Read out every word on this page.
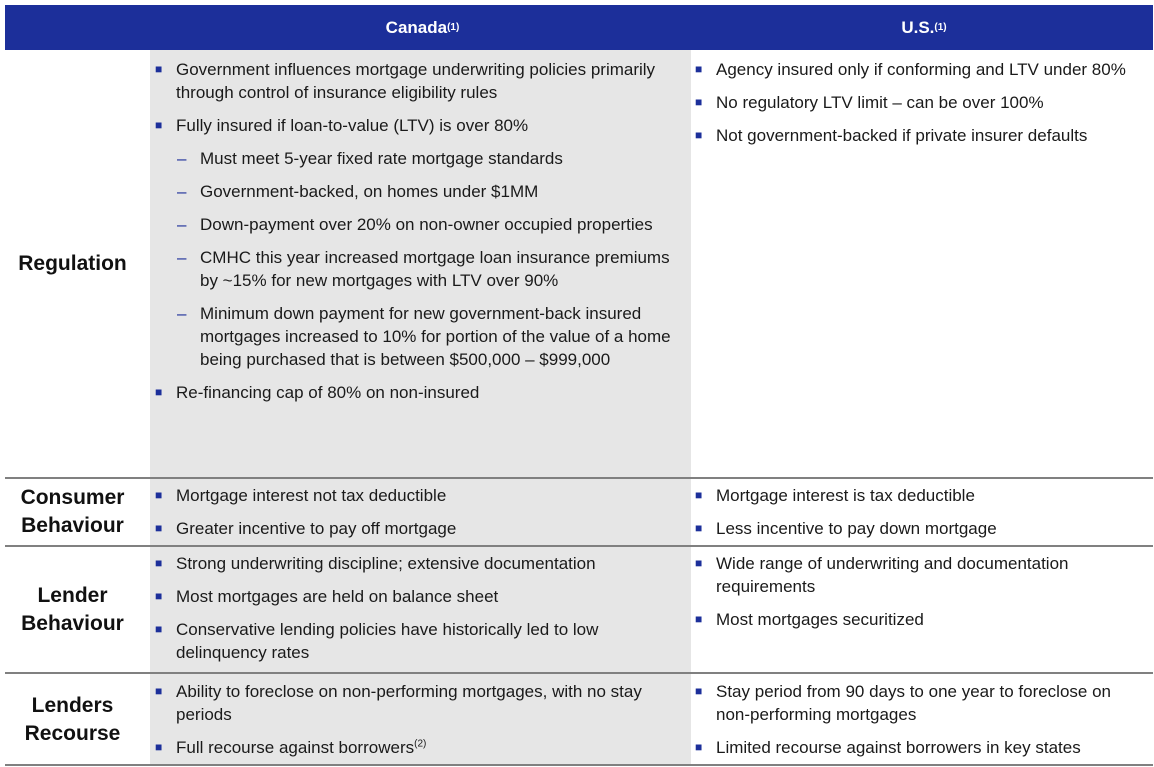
Canada (1)	U.S. (1)
Regulation
■ Government influences mortgage underwriting policies primarily through control of insurance eligibility rules
■ Fully insured if loan-to-value (LTV) is over 80%
– Must meet 5-year fixed rate mortgage standards
– Government-backed, on homes under $1MM
– Down-payment over 20% on non-owner occupied properties
– CMHC this year increased mortgage loan insurance premiums by ~15% for new mortgages with LTV over 90%
– Minimum down payment for new government-back insured mortgages increased to 10% for portion of the value of a home being purchased that is between $500,000 – $999,000
■ Re-financing cap of 80% on non-insured
■ Agency insured only if conforming and LTV under 80%
■ No regulatory LTV limit – can be over 100%
■ Not government-backed if private insurer defaults
Consumer
Behaviour
■ Mortgage interest not tax deductible
■ Greater incentive to pay off mortgage
■ Mortgage interest is tax deductible
■ Less incentive to pay down mortgage
Lender
Behaviour
■ Strong underwriting discipline; extensive documentation
■ Most mortgages are held on balance sheet
■ Conservative lending policies have historically led to low delinquency rates
■ Wide range of underwriting and documentation requirements
■ Most mortgages securitized
Lenders
Recourse
■ Ability to foreclose on non-performing mortgages, with no stay periods
■ Full recourse against borrowers$^{(2)}$
■ Stay period from 90 days to one year to foreclose on non-performing mortgages
■ Limited recourse against borrowers in key states
